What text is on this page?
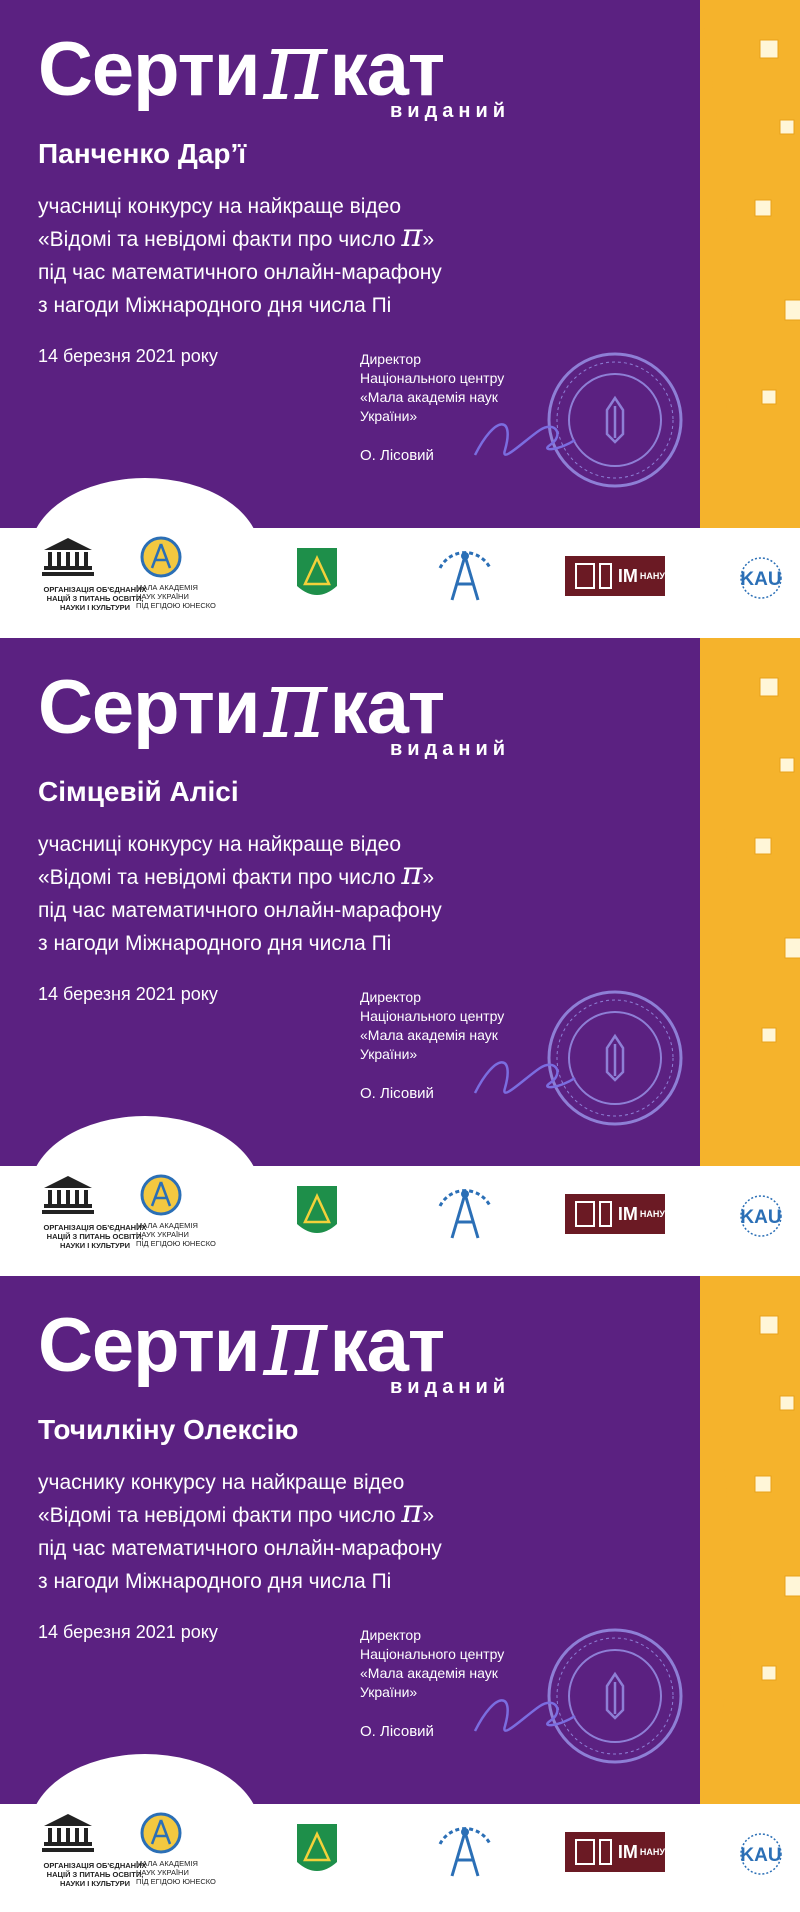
Сертиπкат
виданий
Панченко Дар’ї
учасниці конкурсу на найкраще відео
«Відомі та невідомі факти про число π»
під час математичного онлайн-марафону
з нагоди Міжнародного дня числа Пі
14 березня 2021 року	Директор
Національного центру
«Мала академія наук
України»
О. Лісовий
ОРГАНІЗАЦІЯ ОБ'ЄДНАНИХ
НАЦІЙ З ПИТАНЬ ОСВІТИ,
НАУКИ І КУЛЬТУРИ
МАЛА АКАДЕМІЯ
НАУК УКРАЇНИ
ПІД ЕГІДОЮ ЮНЕСКО
IM НАНУ	KAU
Сертиπкат
виданий
Сімцевій Алісі
учасниці конкурсу на найкраще відео
«Відомі та невідомі факти про число π»
під час математичного онлайн-марафону
з нагоди Міжнародного дня числа Пі
14 березня 2021 року	Директор
Національного центру
«Мала академія наук
України»
О. Лісовий
ОРГАНІЗАЦІЯ ОБ'ЄДНАНИХ
НАЦІЙ З ПИТАНЬ ОСВІТИ,
НАУКИ І КУЛЬТУРИ
МАЛА АКАДЕМІЯ
НАУК УКРАЇНИ
ПІД ЕГІДОЮ ЮНЕСКО
IM НАНУ	KAU
Сертиπкат
виданий
Точилкіну Олексію
учаснику конкурсу на найкраще відео
«Відомі та невідомі факти про число π»
під час математичного онлайн-марафону
з нагоди Міжнародного дня числа Пі
14 березня 2021 року	Директор
Національного центру
«Мала академія наук
України»
О. Лісовий
ОРГАНІЗАЦІЯ ОБ'ЄДНАНИХ
НАЦІЙ З ПИТАНЬ ОСВІТИ,
НАУКИ І КУЛЬТУРИ
МАЛА АКАДЕМІЯ
НАУК УКРАЇНИ
ПІД ЕГІДОЮ ЮНЕСКО
IM НАНУ	KAU
